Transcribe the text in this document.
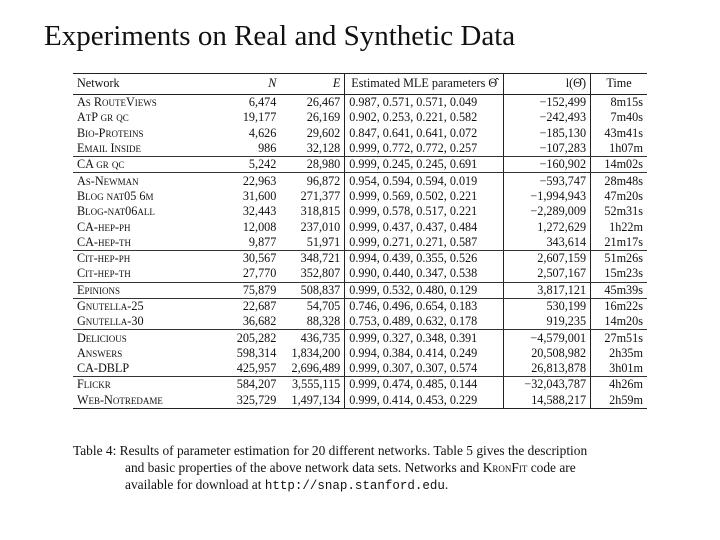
Experiments on Real and Synthetic Data
Network	N	E	Estimated MLE parameters Θ̂	l(Θ̂)	Time
As RouteViews	6,474	26,467	0.987, 0.571, 0.571, 0.049	−152,499	8m15s
AtP gr qc	19,177	26,169	0.902, 0.253, 0.221, 0.582	−242,493	7m40s
Bio-Proteins	4,626	29,602	0.847, 0.641, 0.641, 0.072	−185,130	43m41s
Email Inside	986	32,128	0.999, 0.772, 0.772, 0.257	−107,283	1h07m
CA gr qc	5,242	28,980	0.999, 0.245, 0.245, 0.691	−160,902	14m02s
As-Newman	22,963	96,872	0.954, 0.594, 0.594, 0.019	−593,747	28m48s
Blog nat05 6m	31,600	271,377	0.999, 0.569, 0.502, 0.221	−1,994,943	47m20s
Blog-nat06all	32,443	318,815	0.999, 0.578, 0.517, 0.221	−2,289,009	52m31s
CA-hep-ph	12,008	237,010	0.999, 0.437, 0.437, 0.484	1,272,629	1h22m
CA-hep-th	9,877	51,971	0.999, 0.271, 0.271, 0.587	343,614	21m17s
Cit-hep-ph	30,567	348,721	0.994, 0.439, 0.355, 0.526	2,607,159	51m26s
Cit-hep-th	27,770	352,807	0.990, 0.440, 0.347, 0.538	2,507,167	15m23s
Epinions	75,879	508,837	0.999, 0.532, 0.480, 0.129	3,817,121	45m39s
Gnutella-25	22,687	54,705	0.746, 0.496, 0.654, 0.183	530,199	16m22s
Gnutella-30	36,682	88,328	0.753, 0.489, 0.632, 0.178	919,235	14m20s
Delicious	205,282	436,735	0.999, 0.327, 0.348, 0.391	−4,579,001	27m51s
Answers	598,314	1,834,200	0.994, 0.384, 0.414, 0.249	20,508,982	2h35m
CA-DBLP	425,957	2,696,489	0.999, 0.307, 0.307, 0.574	26,813,878	3h01m
Flickr	584,207	3,555,115	0.999, 0.474, 0.485, 0.144	−32,043,787	4h26m
Web-Notredame	325,729	1,497,134	0.999, 0.414, 0.453, 0.229	14,588,217	2h59m
Table 4: Results of parameter estimation for 20 different networks. Table 5 gives the description
and basic properties of the above network data sets. Networks and KronFit code are
available for download at http://snap.stanford.edu.
